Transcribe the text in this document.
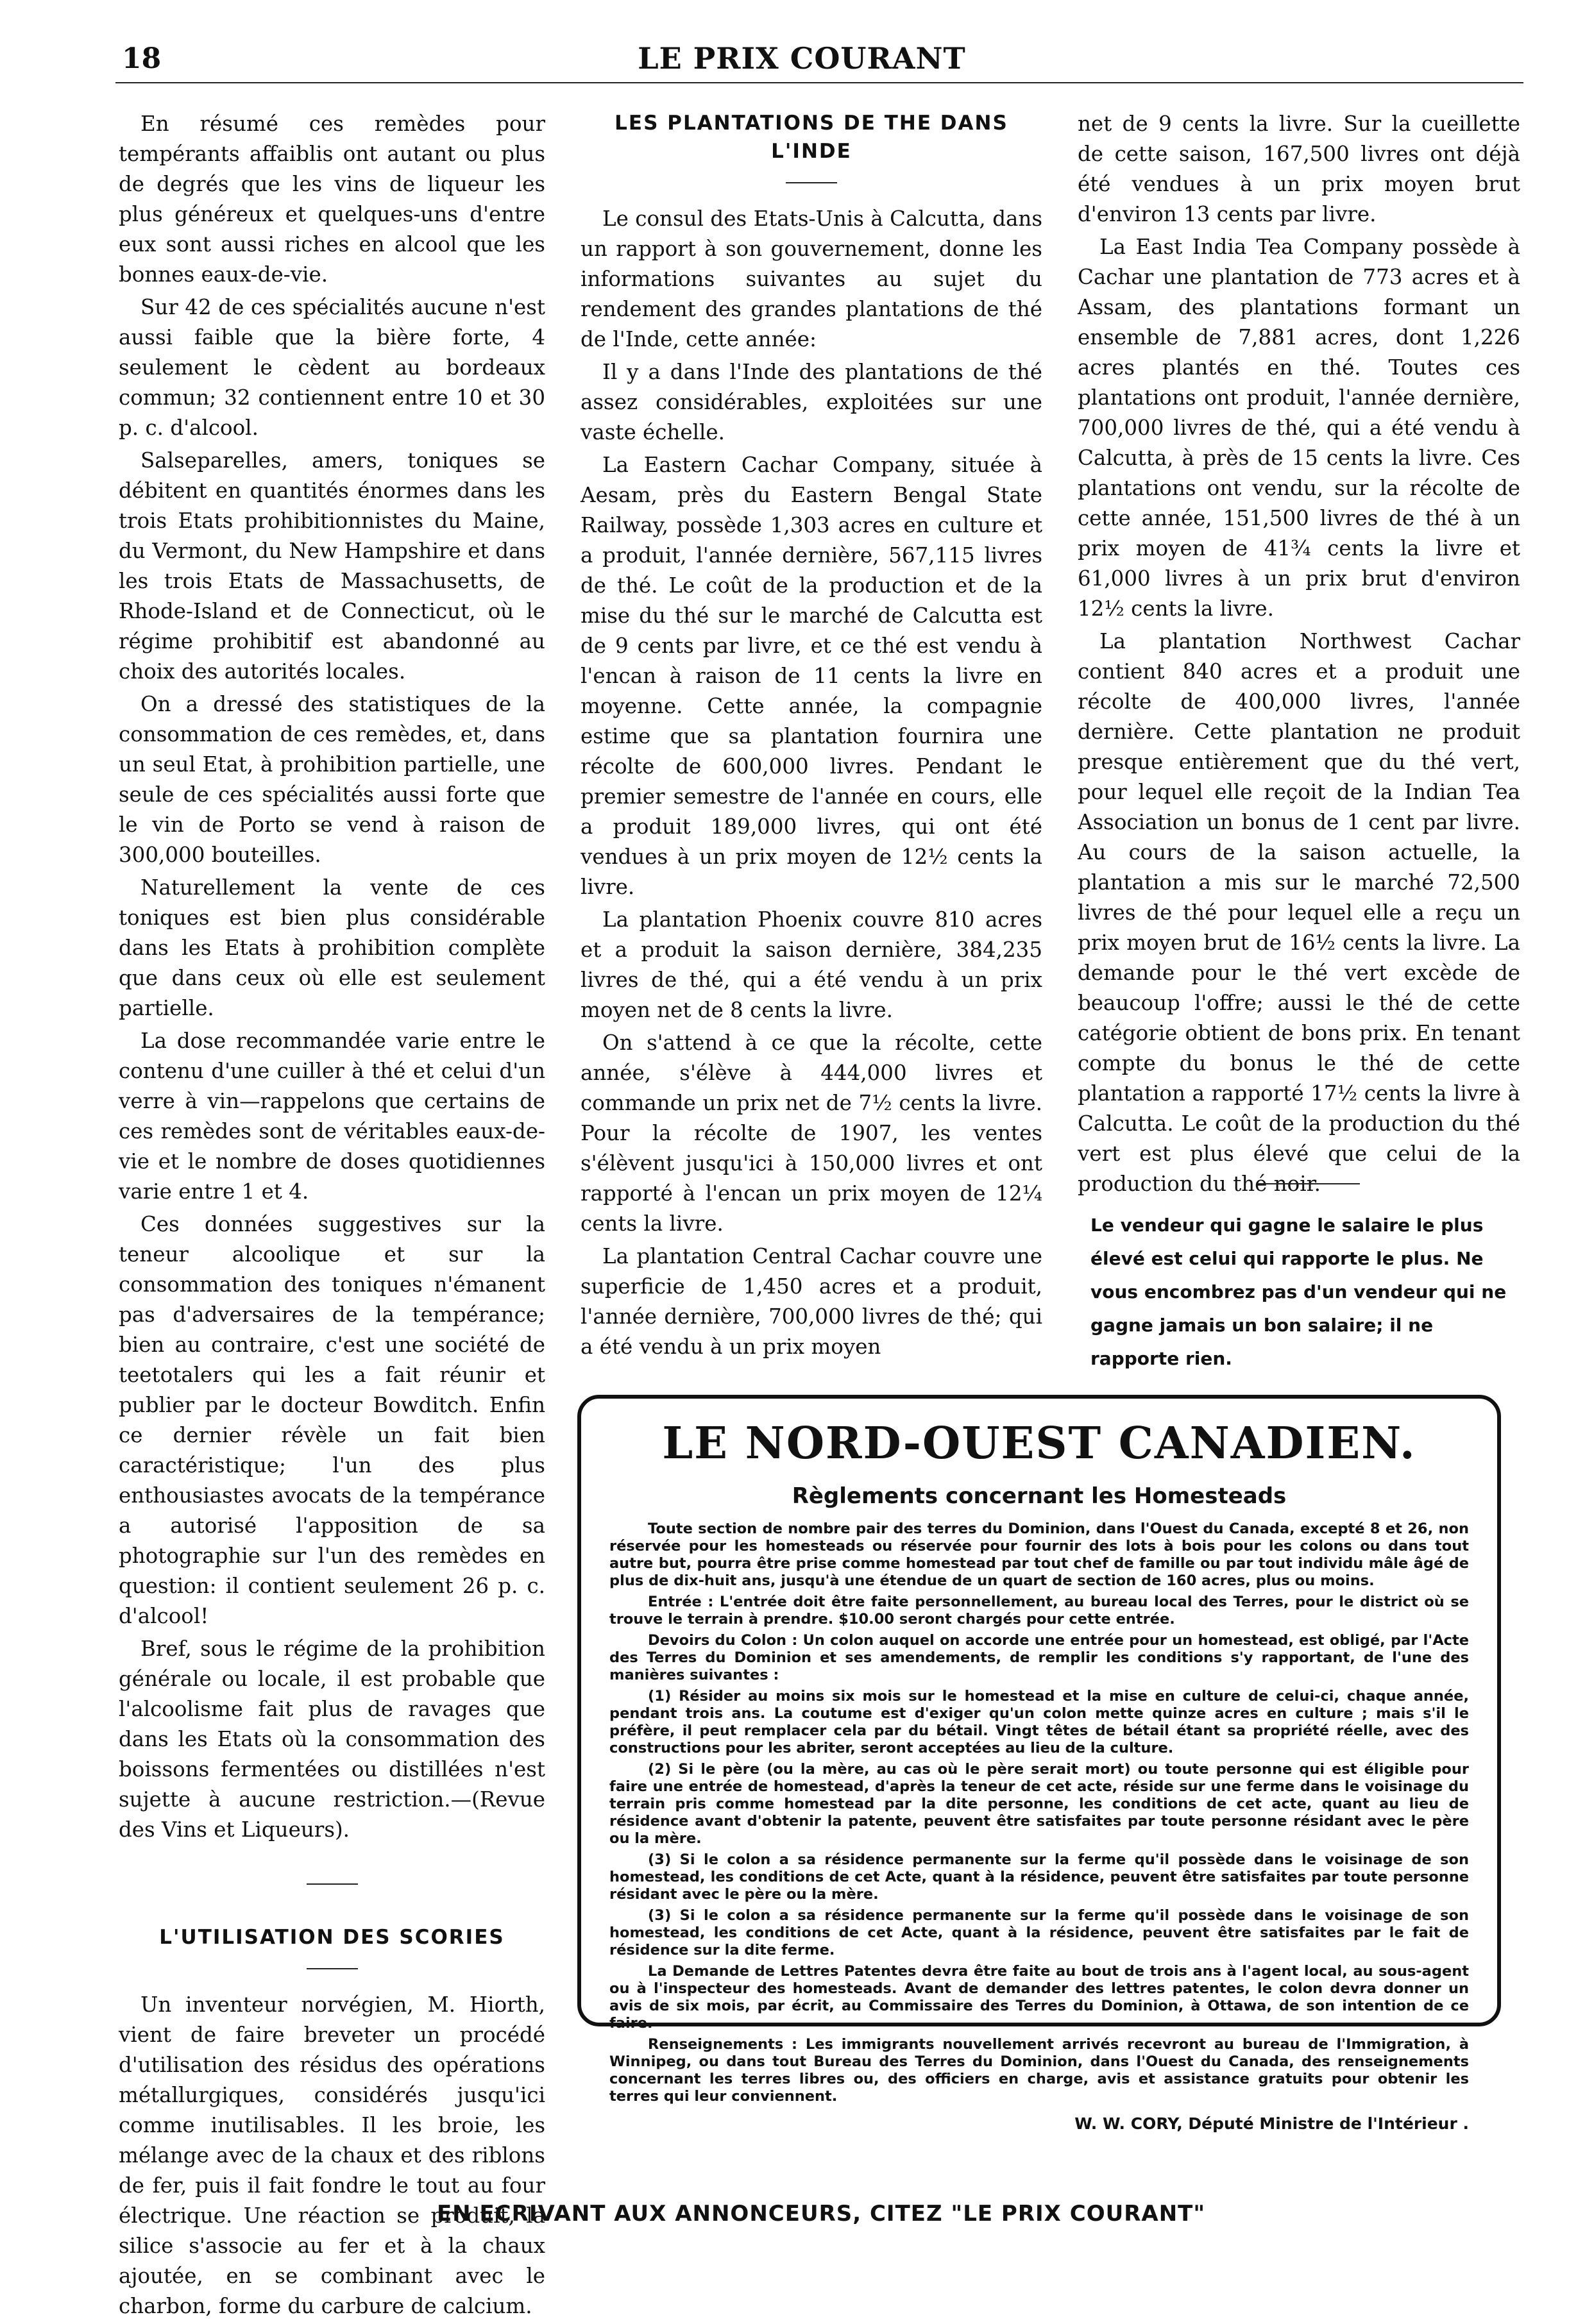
18	LE PRIX COURANT

En résumé ces remèdes pour tempérants affaiblis ont autant ou plus de degrés que les vins de liqueur les plus généreux et quelques-uns d'entre eux sont aussi riches en alcool que les bonnes eaux-de-vie.

Sur 42 de ces spécialités aucune n'est aussi faible que la bière forte, 4 seulement le cèdent au bordeaux commun; 32 contiennent entre 10 et 30 p. c. d'alcool.

Salseparelles, amers, toniques se débitent en quantités énormes dans les trois Etats prohibitionnistes du Maine, du Vermont, du New Hampshire et dans les trois Etats de Massachusetts, de Rhode-Island et de Connecticut, où le régime prohibitif est abandonné au choix des autorités locales.

On a dressé des statistiques de la consommation de ces remèdes, et, dans un seul Etat, à prohibition partielle, une seule de ces spécialités aussi forte que le vin de Porto se vend à raison de 300,000 bouteilles.

Naturellement la vente de ces toniques est bien plus considérable dans les Etats à prohibition complète que dans ceux où elle est seulement partielle.

La dose recommandée varie entre le contenu d'une cuiller à thé et celui d'un verre à vin—rappelons que certains de ces remèdes sont de véritables eaux-de-vie et le nombre de doses quotidiennes varie entre 1 et 4.

Ces données suggestives sur la teneur alcoolique et sur la consommation des toniques n'émanent pas d'adversaires de la tempérance; bien au contraire, c'est une société de teetotalers qui les a fait réunir et publier par le docteur Bowditch. Enfin ce dernier révèle un fait bien caractéristique; l'un des plus enthousiastes avocats de la tempérance a autorisé l'apposition de sa photographie sur l'un des remèdes en question: il contient seulement 26 p. c. d'alcool!

Bref, sous le régime de la prohibition générale ou locale, il est probable que l'alcoolisme fait plus de ravages que dans les Etats où la consommation des boissons fermentées ou distillées n'est sujette à aucune restriction.—(Revue des Vins et Liqueurs).

L'UTILISATION DES SCORIES

Un inventeur norvégien, M. Hiorth, vient de faire breveter un procédé d'utilisation des résidus des opérations métallurgiques, considérés jusqu'ici comme inutilisables. Il les broie, les mélange avec de la chaux et des riblons de fer, puis il fait fondre le tout au four électrique. Une réaction se produit, la silice s'associe au fer et à la chaux ajoutée, en se combinant avec le charbon, forme du carbure de calcium.

LES PLANTATIONS DE THE DANS L'INDE

Le consul des Etats-Unis à Calcutta, dans un rapport à son gouvernement, donne les informations suivantes au sujet du rendement des grandes plantations de thé de l'Inde, cette année:

Il y a dans l'Inde des plantations de thé assez considérables, exploitées sur une vaste échelle.

La Eastern Cachar Company, située à Aesam, près du Eastern Bengal State Railway, possède 1,303 acres en culture et a produit, l'année dernière, 567,115 livres de thé. Le coût de la production et de la mise du thé sur le marché de Calcutta est de 9 cents par livre, et ce thé est vendu à l'encan à raison de 11 cents la livre en moyenne. Cette année, la compagnie estime que sa plantation fournira une récolte de 600,000 livres. Pendant le premier semestre de l'année en cours, elle a produit 189,000 livres, qui ont été vendues à un prix moyen de 12½ cents la livre.

La plantation Phoenix couvre 810 acres et a produit la saison dernière, 384,235 livres de thé, qui a été vendu à un prix moyen net de 8 cents la livre.

On s'attend à ce que la récolte, cette année, s'élève à 444,000 livres et commande un prix net de 7½ cents la livre. Pour la récolte de 1907, les ventes s'élèvent jusqu'ici à 150,000 livres et ont rapporté à l'encan un prix moyen de 12¼ cents la livre.

La plantation Central Cachar couvre une superficie de 1,450 acres et a produit, l'année dernière, 700,000 livres de thé; qui a été vendu à un prix moyen

net de 9 cents la livre. Sur la cueillette de cette saison, 167,500 livres ont déjà été vendues à un prix moyen brut d'environ 13 cents par livre.

La East India Tea Company possède à Cachar une plantation de 773 acres et à Assam, des plantations formant un ensemble de 7,881 acres, dont 1,226 acres plantés en thé. Toutes ces plantations ont produit, l'année dernière, 700,000 livres de thé, qui a été vendu à Calcutta, à près de 15 cents la livre. Ces plantations ont vendu, sur la récolte de cette année, 151,500 livres de thé à un prix moyen de 41¾ cents la livre et 61,000 livres à un prix brut d'environ 12½ cents la livre.

La plantation Northwest Cachar contient 840 acres et a produit une récolte de 400,000 livres, l'année dernière. Cette plantation ne produit presque entièrement que du thé vert, pour lequel elle reçoit de la Indian Tea Association un bonus de 1 cent par livre. Au cours de la saison actuelle, la plantation a mis sur le marché 72,500 livres de thé pour lequel elle a reçu un prix moyen brut de 16½ cents la livre. La demande pour le thé vert excède de beaucoup l'offre; aussi le thé de cette catégorie obtient de bons prix. En tenant compte du bonus le thé de cette plantation a rapporté 17½ cents la livre à Calcutta. Le coût de la production du thé vert est plus élevé que celui de la production du thé noir.

Le vendeur qui gagne le salaire le plus élevé est celui qui rapporte le plus. Ne vous encombrez pas d'un vendeur qui ne gagne jamais un bon salaire; il ne rapporte rien.
LE NORD-OUEST CANADIEN.
Règlements concernant les Homesteads

Toute section de nombre pair des terres du Dominion, dans l'Ouest du Canada, excepté 8 et 26, non réservée pour les homesteads ou réservée pour fournir des lots à bois pour les colons ou dans tout autre but, pourra être prise comme homestead par tout chef de famille ou par tout individu mâle âgé de plus de dix-huit ans, jusqu'à une étendue de un quart de section de 160 acres, plus ou moins.

Entrée : L'entrée doit être faite personnellement, au bureau local des Terres, pour le district où se trouve le terrain à prendre. $10.00 seront chargés pour cette entrée.

Devoirs du Colon : Un colon auquel on accorde une entrée pour un homestead, est obligé, par l'Acte des Terres du Dominion et ses amendements, de remplir les conditions s'y rapportant, de l'une des manières suivantes :

(1) Résider au moins six mois sur le homestead et la mise en culture de celui-ci, chaque année, pendant trois ans. La coutume est d'exiger qu'un colon mette quinze acres en culture ; mais s'il le préfère, il peut remplacer cela par du bétail. Vingt têtes de bétail étant sa propriété réelle, avec des constructions pour les abriter, seront acceptées au lieu de la culture.

(2) Si le père (ou la mère, au cas où le père serait mort) ou toute personne qui est éligible pour faire une entrée de homestead, d'après la teneur de cet acte, réside sur une ferme dans le voisinage du terrain pris comme homestead par la dite personne, les conditions de cet acte, quant au lieu de résidence avant d'obtenir la patente, peuvent être satisfaites par toute personne résidant avec le père ou la mère.

(3) Si le colon a sa résidence permanente sur la ferme qu'il possède dans le voisinage de son homestead, les conditions de cet Acte, quant à la résidence, peuvent être satisfaites par toute personne résidant avec le père ou la mère.

(3) Si le colon a sa résidence permanente sur la ferme qu'il possède dans le voisinage de son homestead, les conditions de cet Acte, quant à la résidence, peuvent être satisfaites par le fait de résidence sur la dite ferme.

La Demande de Lettres Patentes devra être faite au bout de trois ans à l'agent local, au sous-agent ou à l'inspecteur des homesteads. Avant de demander des lettres patentes, le colon devra donner un avis de six mois, par écrit, au Commissaire des Terres du Dominion, à Ottawa, de son intention de ce faire.

Renseignements : Les immigrants nouvellement arrivés recevront au bureau de l'Immigration, à Winnipeg, ou dans tout Bureau des Terres du Dominion, dans l'Ouest du Canada, des renseignements concernant les terres libres ou, des officiers en charge, avis et assistance gratuits pour obtenir les terres qui leur conviennent.

W. W. CORY, Député Ministre de l'Intérieur .
EN ECRIVANT AUX ANNONCEURS, CITEZ "LE PRIX COURANT"
